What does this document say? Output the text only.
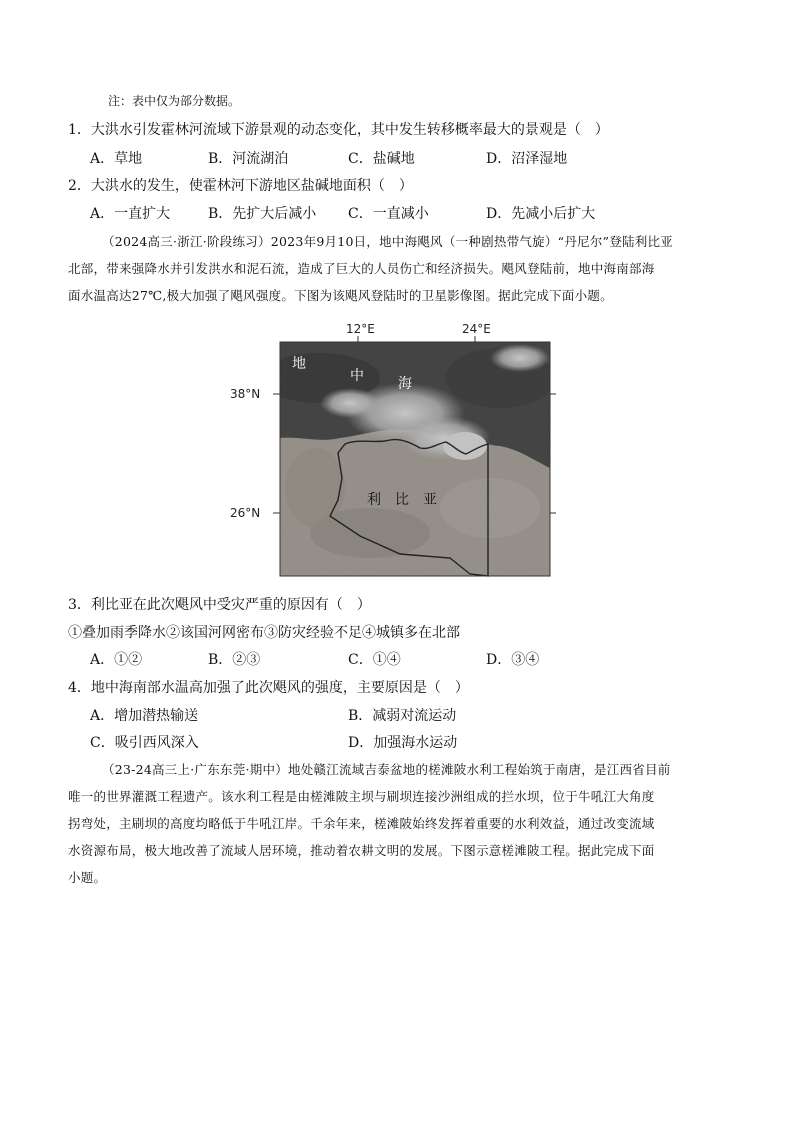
注：表中仅为部分数据。
1．大洪水引发霍林河流域下游景观的动态变化，其中发生转移概率最大的景观是（　）
A．草地	B．河流湖泊	C．盐碱地	D．沼泽湿地
2．大洪水的发生，使霍林河下游地区盐碱地面积（　）
A．一直扩大	B．先扩大后减小 C．一直减小	D．先减小后扩大
（2024高三·浙江·阶段练习）2023年9月10日，地中海飓风（一种剧热带气旋）“丹尼尔”登陆利比亚
北部，带来强降水并引发洪水和泥石流，造成了巨大的人员伤亡和经济损失。飓风登陆前，地中海南部海
面水温高达27℃,极大加强了飓风强度。下图为该飓风登陆时的卫星影像图。据此完成下面小题。
12°E	24°E
38°N
26°N
地
中 海
利　比　亚
3．利比亚在此次飓风中受灾严重的原因有（　）
①叠加雨季降水②该国河网密布③防灾经验不足④城镇多在北部
A．①②	B．②③	C．①④	D．③④
4．地中海南部水温高加强了此次飓风的强度，主要原因是（　）
A．增加潜热输送	B．减弱对流运动
C．吸引西风深入	D．加强海水运动
（23-24高三上·广东东莞·期中）地处赣江流域吉泰盆地的槎滩陂水利工程始筑于南唐，是江西省目前
唯一的世界灌溉工程遗产。该水利工程是由槎滩陂主坝与刷坝连接沙洲组成的拦水坝，位于牛吼江大角度
拐弯处，主刷坝的高度均略低于牛吼江岸。千余年来，槎滩陂始终发挥着重要的水利效益，通过改变流域
水资源布局，极大地改善了流域人居环境，推动着农耕文明的发展。下图示意槎滩陂工程。据此完成下面
小题。
